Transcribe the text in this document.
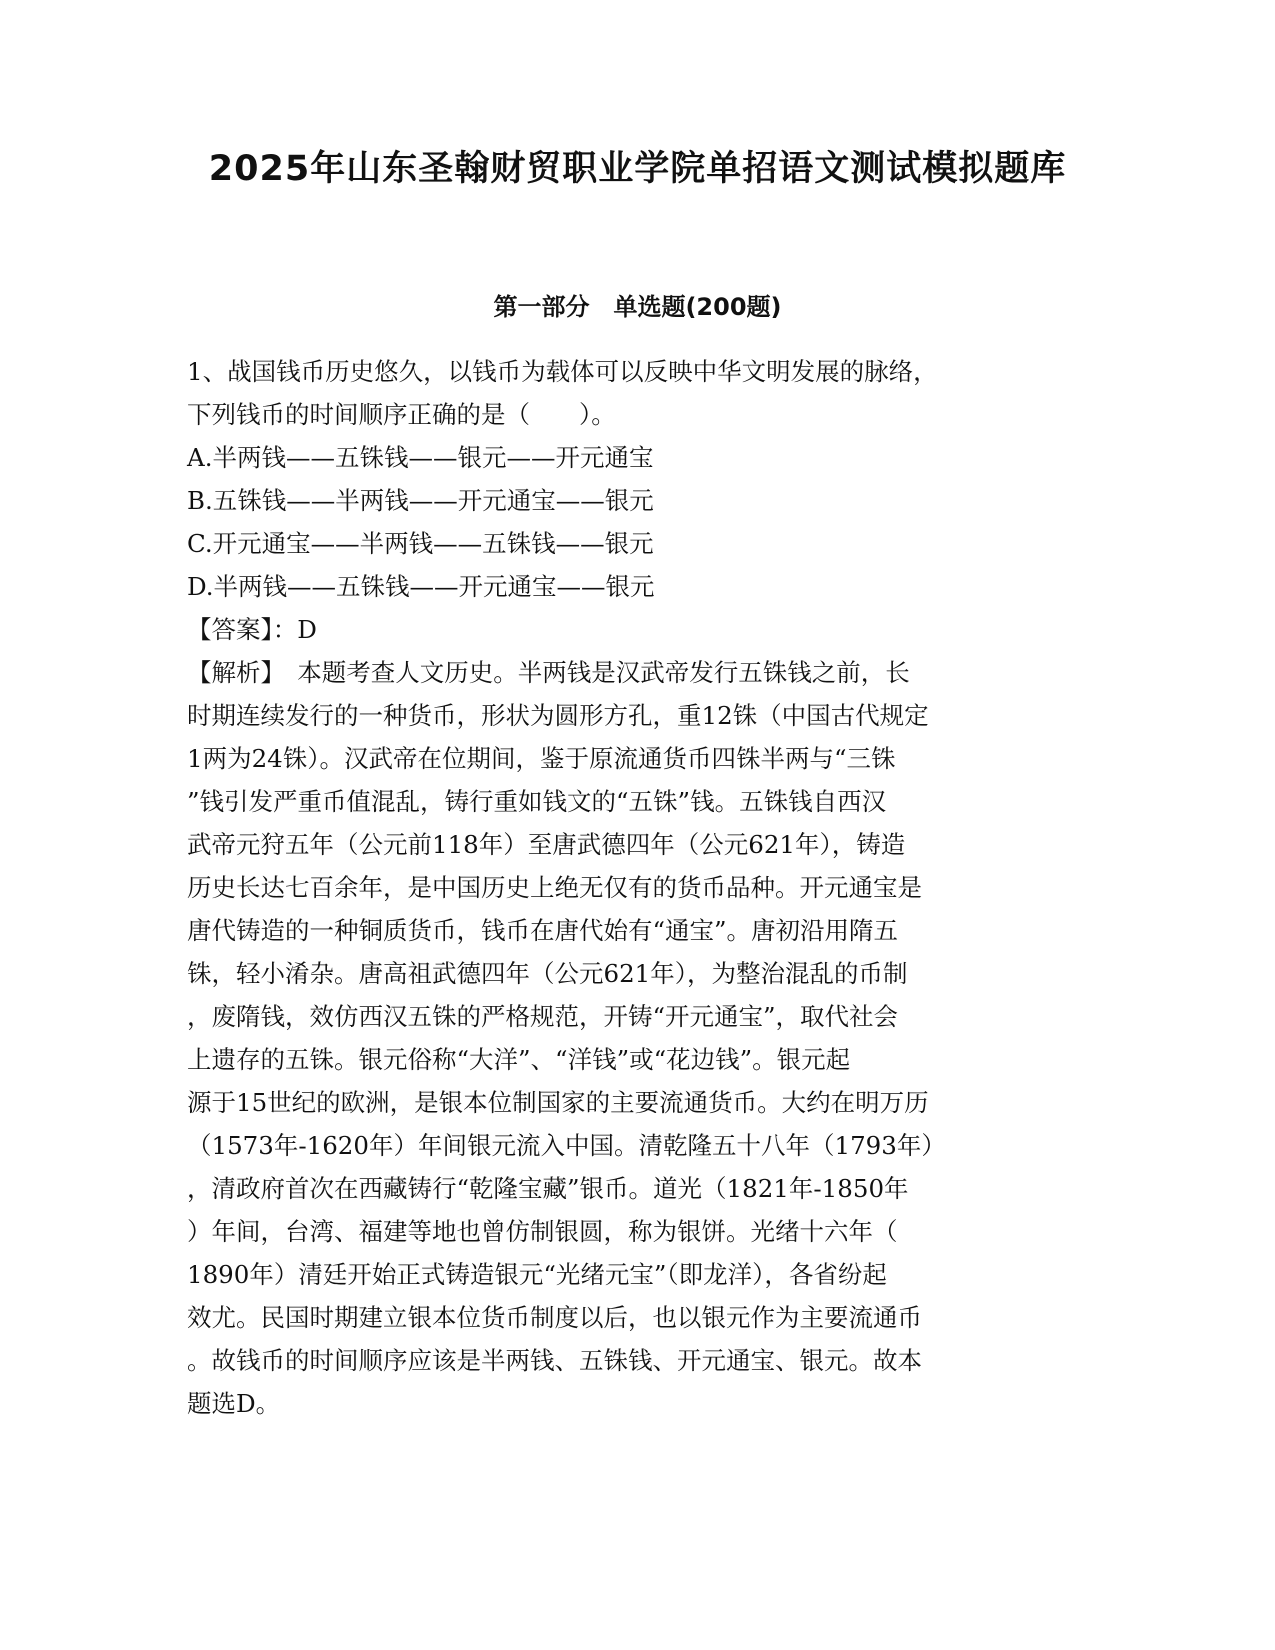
2025年山东圣翰财贸职业学院单招语文测试模拟题库
第一部分　单选题(200题)
1、战国钱币历史悠久，以钱币为载体可以反映中华文明发展的脉络，
下列钱币的时间顺序正确的是（　　）。
A.半两钱——五铢钱——银元——开元通宝
B.五铢钱——半两钱——开元通宝——银元
C.开元通宝——半两钱——五铢钱——银元
D.半两钱——五铢钱——开元通宝——银元
【答案】：D
【解析】　本题考查人文历史。半两钱是汉武帝发行五铢钱之前，长
时期连续发行的一种货币，形状为圆形方孔，重12铢（中国古代规定
1两为24铢）。汉武帝在位期间，鉴于原流通货币四铢半两与“三铢
”钱引发严重币值混乱，铸行重如钱文的“五铢”钱。五铢钱自西汉
武帝元狩五年（公元前118年）至唐武德四年（公元621年），铸造
历史长达七百余年，是中国历史上绝无仅有的货币品种。开元通宝是
唐代铸造的一种铜质货币，钱币在唐代始有“通宝”。唐初沿用隋五
铢，轻小淆杂。唐高祖武德四年（公元621年），为整治混乱的币制
，废隋钱，效仿西汉五铢的严格规范，开铸“开元通宝”，取代社会
上遗存的五铢。银元俗称“大洋”、“洋钱”或“花边钱”。银元起
源于15世纪的欧洲，是银本位制国家的主要流通货币。大约在明万历
（1573年-1620年）年间银元流入中国。清乾隆五十八年（1793年）
，清政府首次在西藏铸行“乾隆宝藏”银币。道光（1821年-1850年
）年间，台湾、福建等地也曾仿制银圆，称为银饼。光绪十六年（
1890年）清廷开始正式铸造银元“光绪元宝”（即龙洋），各省纷起
效尤。民国时期建立银本位货币制度以后，也以银元作为主要流通币
。故钱币的时间顺序应该是半两钱、五铢钱、开元通宝、银元。故本
题选D。
